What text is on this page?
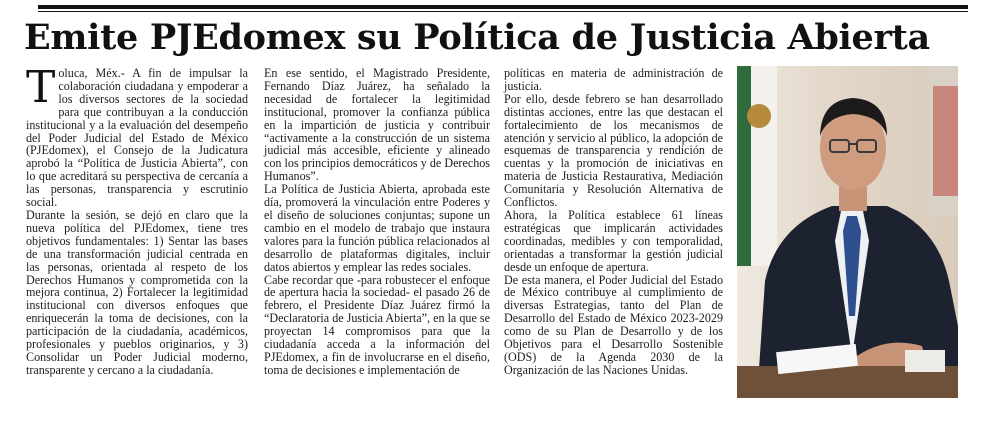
Emite PJEdomex su Política de Justicia Abierta

Toluca, Méx.- A fin de impulsar la colaboración ciudadana y empoderar a los diversos sectores de la sociedad para que contribuyan a la conducción institucional y a la evaluación del desempeño del Poder Judicial del Estado de México (PJEdomex), el Consejo de la Judicatura aprobó la “Política de Justicia Abierta”, con lo que acreditará su perspectiva de cercanía a las personas, transparencia y escrutinio social.

Durante la sesión, se dejó en claro que la nueva política del PJEdomex, tiene tres objetivos fundamentales: 1) Sentar las bases de una transformación judicial centrada en las personas, orientada al respeto de los Derechos Humanos y comprometida con la mejora continua, 2) Fortalecer la legitimidad institucional con diversos enfoques que enriquecerán la toma de decisiones, con la participación de la ciudadanía, académicos, profesionales y pueblos originarios, y 3) Consolidar un Poder Judicial moderno, transparente y cercano a la ciudadanía.

En ese sentido, el Magistrado Presidente, Fernando Díaz Juárez, ha señalado la necesidad de fortalecer la legitimidad institucional, promover la confianza pública en la impartición de justicia y contribuir “activamente a la construcción de un sistema judicial más accesible, eficiente y alineado con los principios democráticos y de Derechos Humanos”.

La Política de Justicia Abierta, aprobada este día, promoverá la vinculación entre Poderes y el diseño de soluciones conjuntas; supone un cambio en el modelo de trabajo que instaura valores para la función pública relacionados al desarrollo de plataformas digitales, incluir datos abiertos y emplear las redes sociales.

Cabe recordar que -para robustecer el enfoque de apertura hacia la sociedad- el pasado 26 de febrero, el Presidente Díaz Juárez firmó la “Declaratoria de Justicia Abierta”, en la que se proyectan 14 compromisos para que la ciudadanía acceda a la información del PJEdomex, a fin de involucrarse en el diseño, toma de decisiones e implementación de

políticas en materia de administración de justicia.

Por ello, desde febrero se han desarrollado distintas acciones, entre las que destacan el fortalecimiento de los mecanismos de atención y servicio al público, la adopción de esquemas de transparencia y rendición de cuentas y la promoción de iniciativas en materia de Justicia Restaurativa, Mediación Comunitaria y Resolución Alternativa de Conflictos.

Ahora, la Política establece 61 líneas estratégicas que implicarán actividades coordinadas, medibles y con temporalidad, orientadas a transformar la gestión judicial desde un enfoque de apertura.

De esta manera, el Poder Judicial del Estado de México contribuye al cumplimiento de diversas Estrategias, tanto del Plan de Desarrollo del Estado de México 2023-2029 como de su Plan de Desarrollo y de los Objetivos para el Desarrollo Sostenible (ODS) de la Agenda 2030 de la Organización de las Naciones Unidas.
